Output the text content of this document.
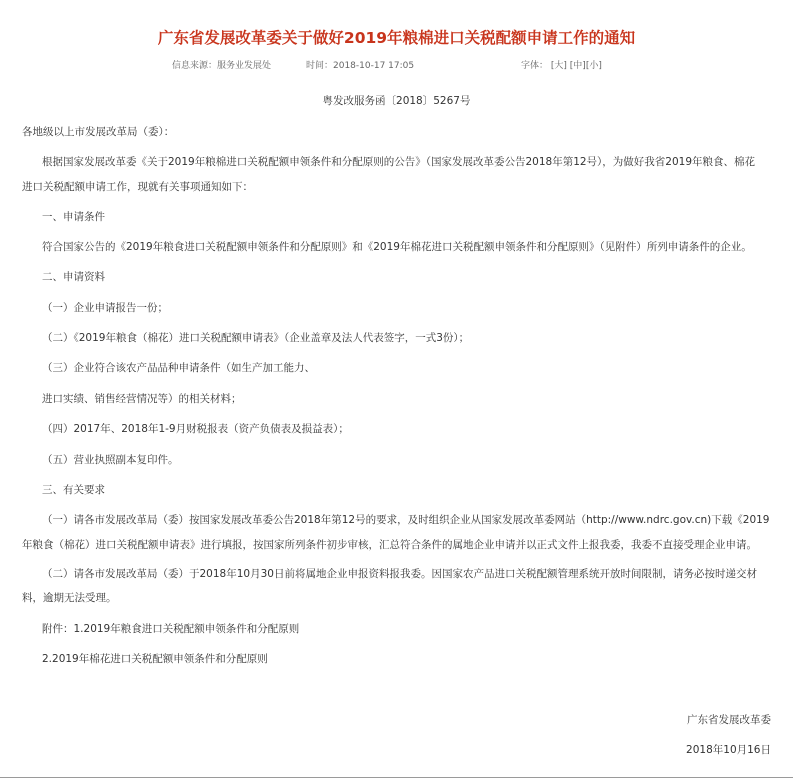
广东省发展改革委关于做好2019年粮棉进口关税配额申请工作的通知
信息来源：服务业发展处	时间：2018-10-17 17:05	字体： [大] [中][小]
粤发改服务函〔2018〕5267号
各地级以上市发展改革局（委）：
根据国家发展改革委《关于2019年粮棉进口关税配额申领条件和分配原则的公告》（国家发展改革委公告2018年第12号），为做好我省2019年粮食、棉花
进口关税配额申请工作，现就有关事项通知如下：
一、申请条件
符合国家公告的《2019年粮食进口关税配额申领条件和分配原则》和《2019年棉花进口关税配额申领条件和分配原则》（见附件）所列申请条件的企业。
二、申请资料
（一）企业申请报告一份；
（二）《2019年粮食（棉花）进口关税配额申请表》（企业盖章及法人代表签字，一式3份）；
（三）企业符合该农产品品种申请条件（如生产加工能力、
进口实绩、销售经营情况等）的相关材料；
（四）2017年、2018年1-9月财税报表（资产负债表及损益表）；
（五）营业执照副本复印件。
三、有关要求
（一）请各市发展改革局（委）按国家发展改革委公告2018年第12号的要求，及时组织企业从国家发展改革委网站（http://www.ndrc.gov.cn)下载《2019
年粮食（棉花）进口关税配额申请表》进行填报，按国家所列条件初步审核，汇总符合条件的属地企业申请并以正式文件上报我委，我委不直接受理企业申请。
（二）请各市发展改革局（委）于2018年10月30日前将属地企业申报资料报我委。因国家农产品进口关税配额管理系统开放时间限制，请务必按时递交材
料，逾期无法受理。
附件：1.2019年粮食进口关税配额申领条件和分配原则
2.2019年棉花进口关税配额申领条件和分配原则
广东省发展改革委
2018年10月16日
